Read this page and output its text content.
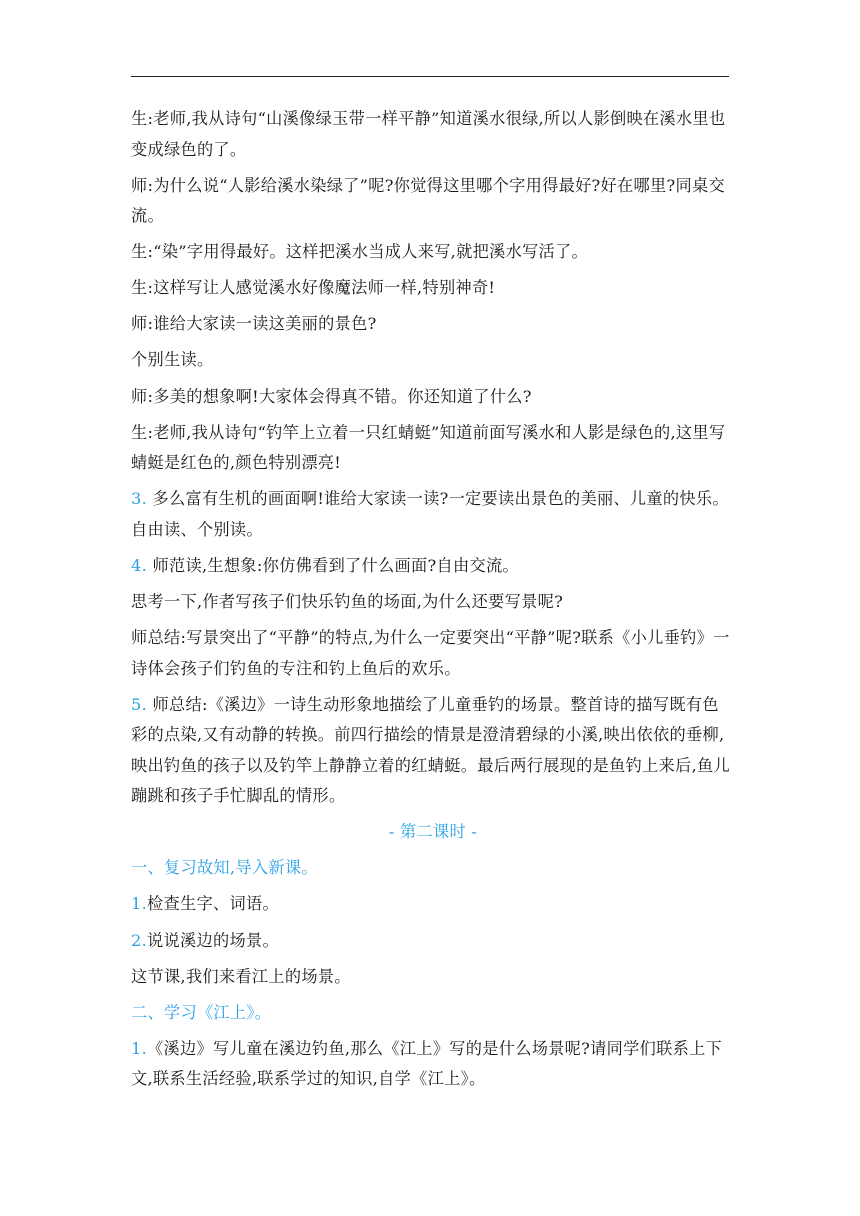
生:老师,我从诗句“山溪像绿玉带一样平静”知道溪水很绿,所以人影倒映在溪水里也变成绿色的了。

师:为什么说“人影给溪水染绿了”呢?你觉得这里哪个字用得最好?好在哪里?同桌交流。

生:“染”字用得最好。这样把溪水当成人来写,就把溪水写活了。

生:这样写让人感觉溪水好像魔法师一样,特别神奇!

师:谁给大家读一读这美丽的景色?

个别生读。

师:多美的想象啊!大家体会得真不错。你还知道了什么?

生:老师,我从诗句“钓竿上立着一只红蜻蜓”知道前面写溪水和人影是绿色的,这里写蜻蜓是红色的,颜色特别漂亮!

3. 多么富有生机的画面啊!谁给大家读一读?一定要读出景色的美丽、儿童的快乐。自由读、个别读。

4. 师范读,生想象:你仿佛看到了什么画面?自由交流。

思考一下,作者写孩子们快乐钓鱼的场面,为什么还要写景呢?

师总结:写景突出了“平静”的特点,为什么一定要突出“平静”呢?联系《小儿垂钓》一诗体会孩子们钓鱼的专注和钓上鱼后的欢乐。

5. 师总结:《溪边》一诗生动形象地描绘了儿童垂钓的场景。整首诗的描写既有色彩的点染,又有动静的转换。前四行描绘的情景是澄清碧绿的小溪,映出依依的垂柳,映出钓鱼的孩子以及钓竿上静静立着的红蜻蜓。最后两行展现的是鱼钓上来后,鱼儿蹦跳和孩子手忙脚乱的情形。

- 第二课时 -

一、复习故知,导入新课。

1.检查生字、词语。

2.说说溪边的场景。

这节课,我们来看江上的场景。

二、学习《江上》。

1.《溪边》写儿童在溪边钓鱼,那么《江上》写的是什么场景呢?请同学们联系上下文,联系生活经验,联系学过的知识,自学《江上》。
